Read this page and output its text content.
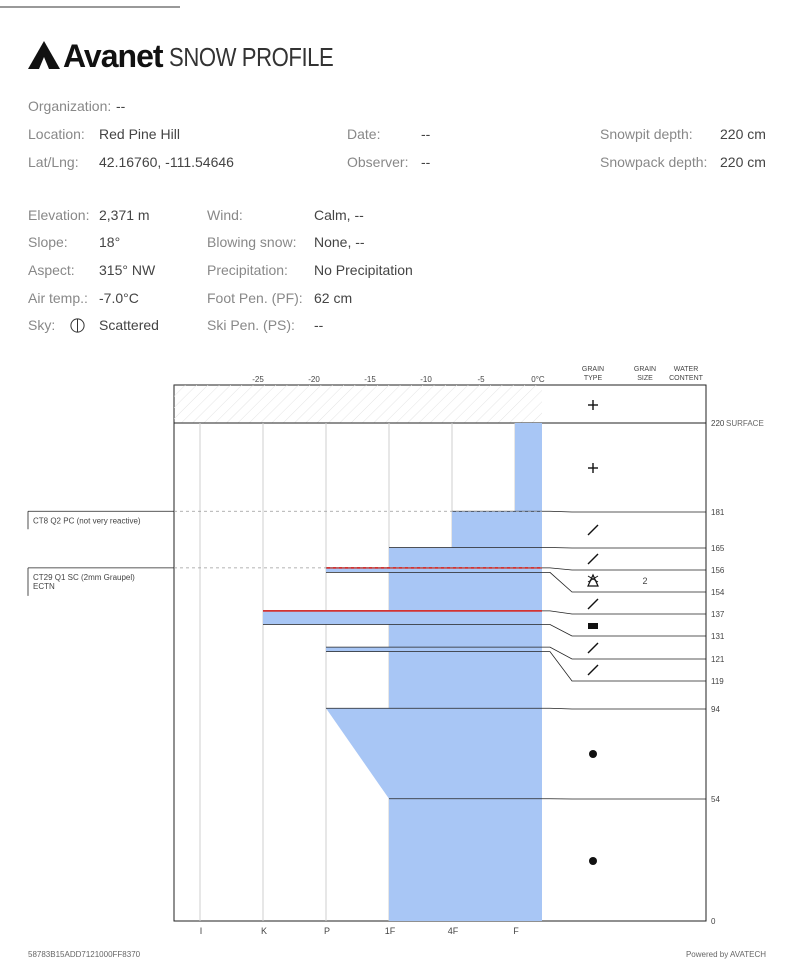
Avanet SNOW PROFILE
Organization: --
Location: Red Pine Hill	Date:	--	Snowpit depth: 220 cm
Lat/Lng: 42.16760, -111.54646	Observer: --	Snowpack depth: 220 cm
Elevation: 2,371 m	Wind:	Calm, --
Slope: 18°	Blowing snow: None, --
Aspect: 315° NW	Precipitation: No Precipitation
Air temp.: -7.0°C	Foot Pen. (PF): 62 cm
Sky:	Scattered	Ski Pen. (PS): --
-25	-20	-15	-10	-5	0°C
GRAIN
TYPE
GRAIN
SIZE
WATER
CONTENT
I	K	P	1F	4F	F
220
181
165
156
154
137
131
121
119
94
54
0
SURFACE
2
CT8 Q2 PC (not very reactive)
CT29 Q1 SC (2mm Graupel)
ECTN
58783B15ADD7121000FF8370	Powered by AVATECH
